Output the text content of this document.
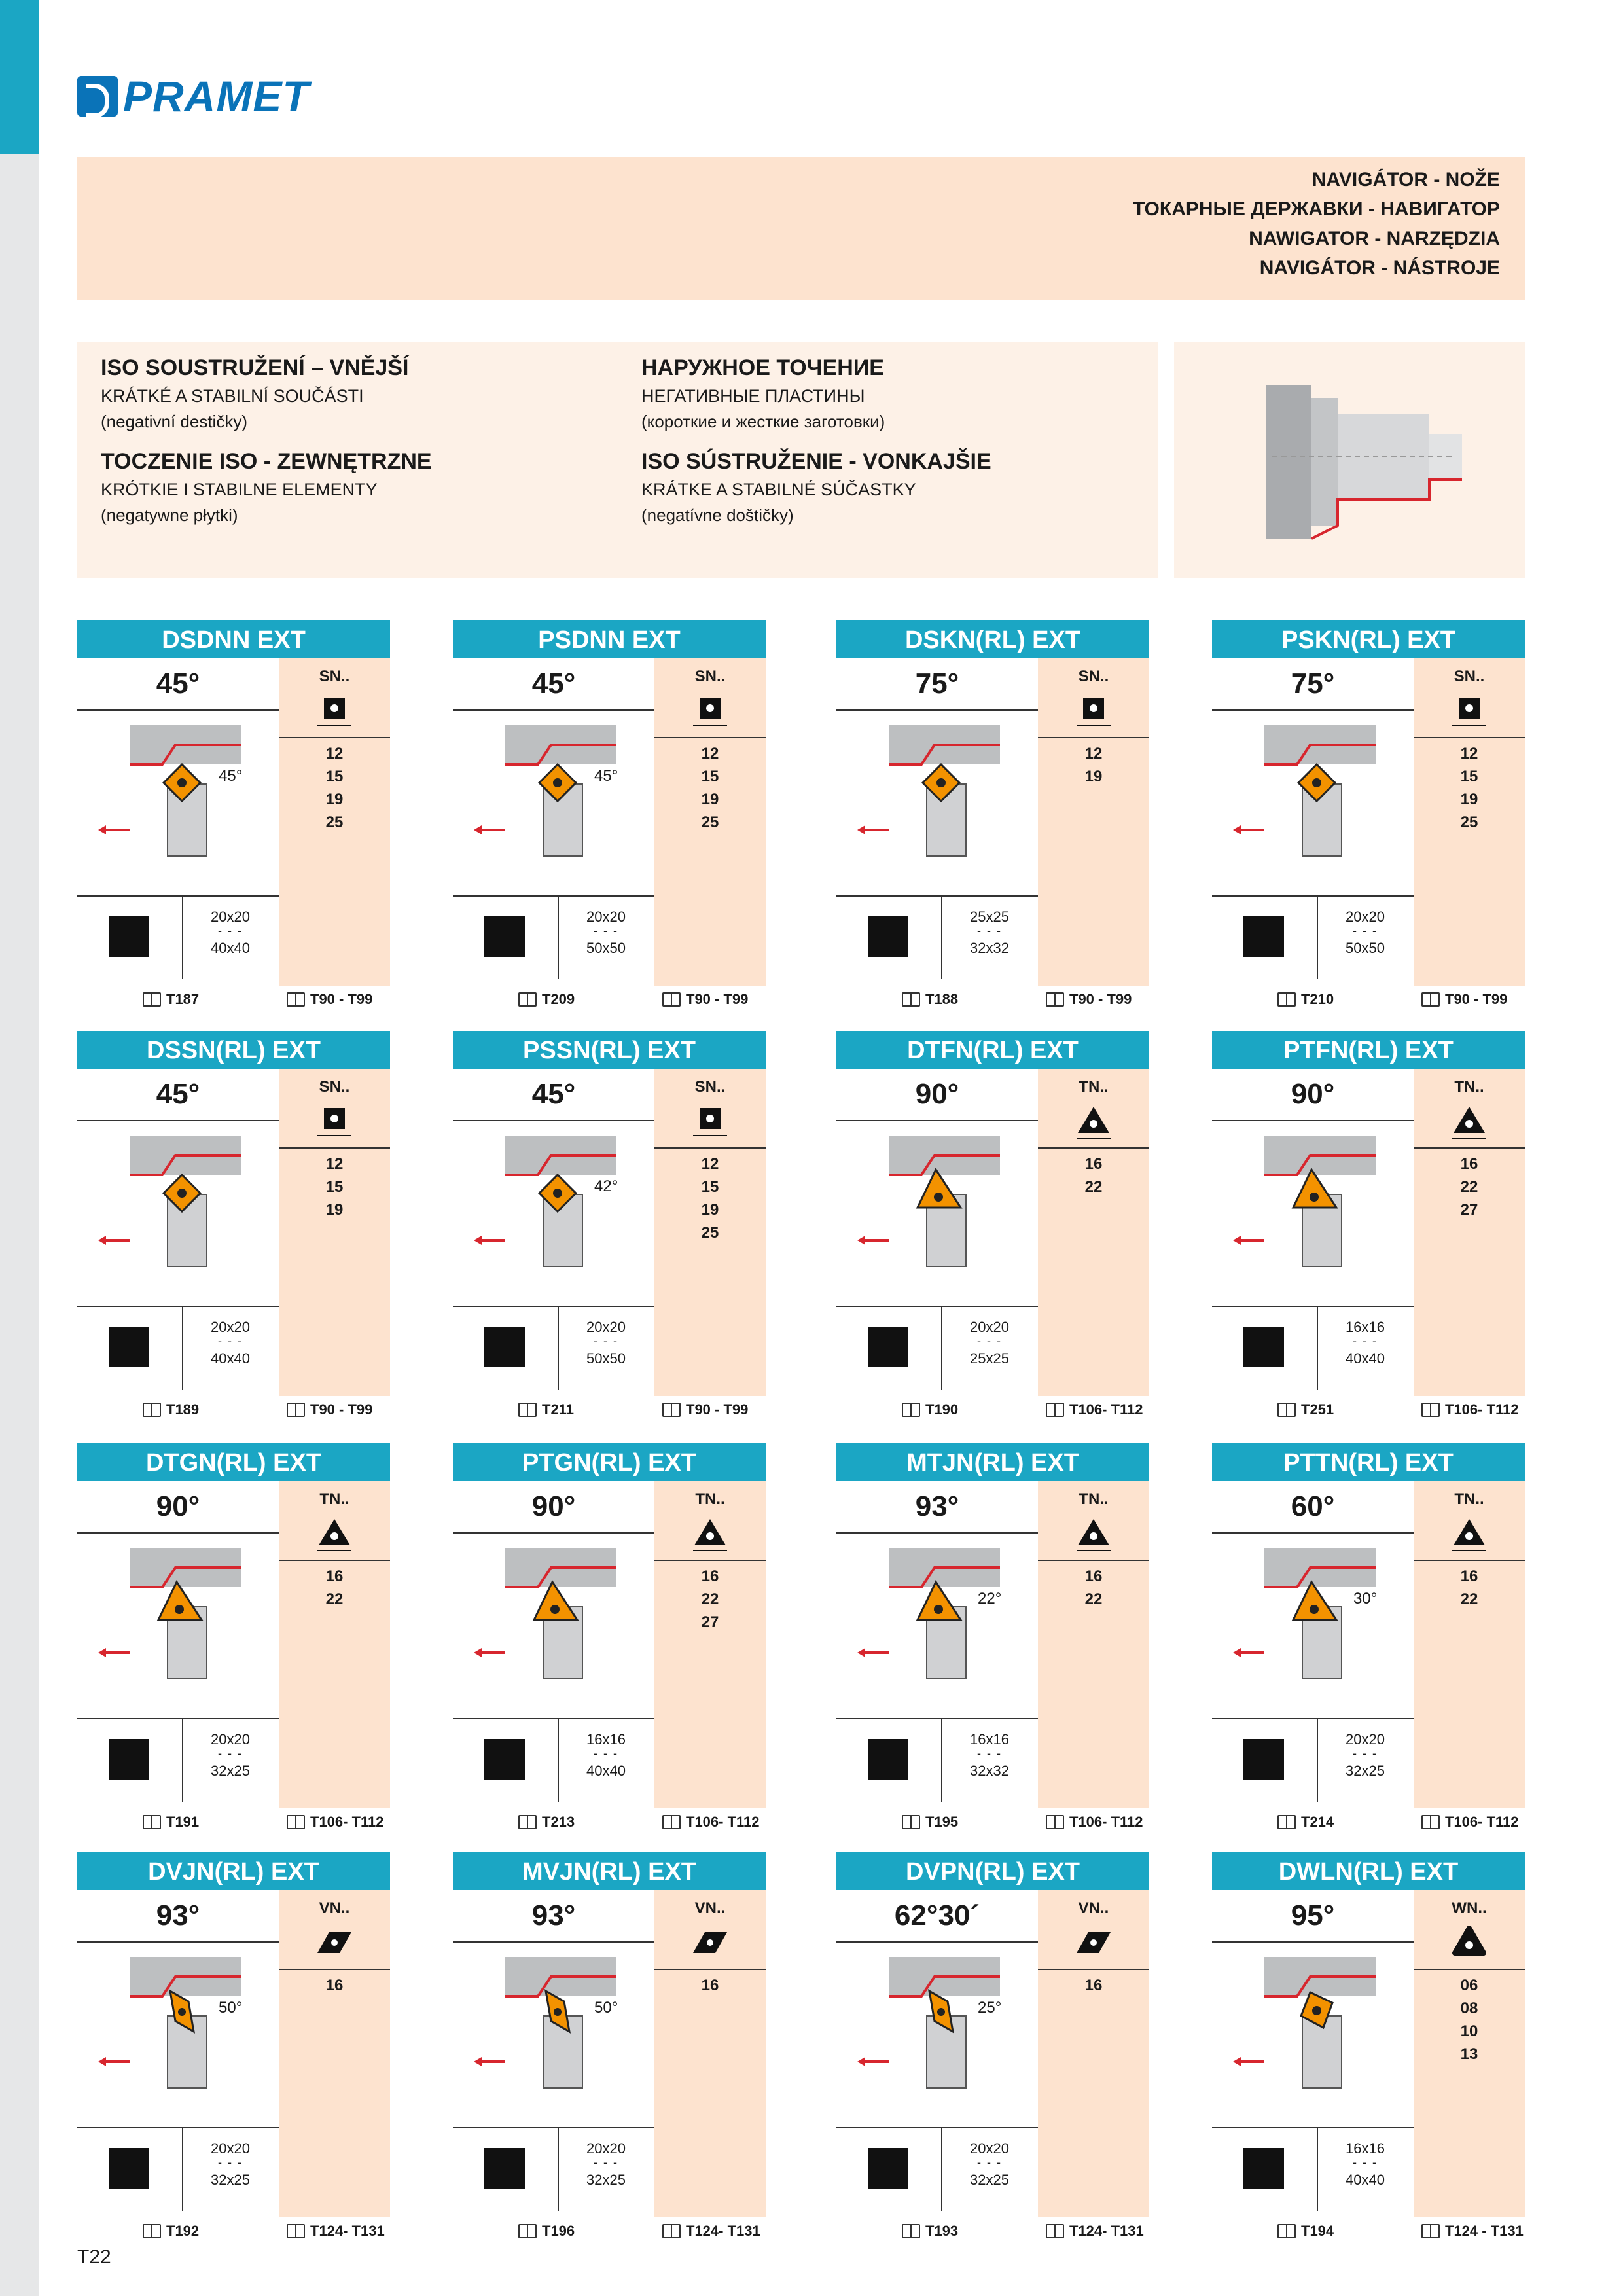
PRAMET
NAVIGÁTOR - NOŽE
ТОКАРНЫЕ ДЕРЖАВКИ - НАВИГАТОР
NAWIGATOR - NARZĘDZIA
NAVIGÁTOR - NÁSTROJE
ISO SOUSTRUŽENÍ – VNĚJŠÍ
KRÁTKÉ A STABILNÍ SOUČÁSTI
(negativní destičky)
TOCZENIE ISO - ZEWNĘTRZNE
KRÓTKIE I STABILNE ELEMENTY
(negatywne płytki)
НАРУЖНОЕ ТОЧЕНИЕ
НЕГАТИВНЫЕ ПЛАСТИНЫ
(короткие и жесткие заготовки)
ISO SÚSTRUŽENIE - VONKAJŠIE
KRÁTKE A STABILNÉ SÚČASTKY
(negatívne doštičky)
DSDNN EXT
45°	SN..
12
15
19
25
45°
20x20
- - -
40x40
T187	T90 - T99
PSDNN EXT
45°	SN..
12
15
19
25
45°
20x20
- - -
50x50
T209	T90 - T99
DSKN(RL) EXT
75°	SN..
12
19
25x25
- - -
32x32
T188	T90 - T99
PSKN(RL) EXT
75°	SN..
12
15
19
25
20x20
- - -
50x50
T210	T90 - T99
DSSN(RL) EXT
45°	SN..
12
15
19
20x20
- - -
40x40
T189	T90 - T99
PSSN(RL) EXT
45°	SN..
12
15
19
25
42°
20x20
- - -
50x50
T211	T90 - T99
DTFN(RL) EXT
90°	TN..
16
22
20x20
- - -
25x25
T190	T106- T112
PTFN(RL) EXT
90°	TN..
16
22
27
16x16
- - -
40x40
T251	T106- T112
DTGN(RL) EXT
90°	TN..
16
22
20x20
- - -
32x25
T191	T106- T112
PTGN(RL) EXT
90°	TN..
16
22
27
16x16
- - -
40x40
T213	T106- T112
MTJN(RL) EXT
93°	TN..
16
22
22°
16x16
- - -
32x32
T195	T106- T112
PTTN(RL) EXT
60°	TN..
16
22
30°
20x20
- - -
32x25
T214	T106- T112
DVJN(RL) EXT
93°	VN..
16
50°
20x20
- - -
32x25
T192	T124- T131
MVJN(RL) EXT
93°	VN..
16
50°
20x20
- - -
32x25
T196	T124- T131
DVPN(RL) EXT
62°30´	VN..
16
25°
20x20
- - -
32x25
T193	T124- T131
DWLN(RL) EXT
95°	WN..
06
08
10
13
16x16
- - -
40x40
T194	T124 - T131
T22
